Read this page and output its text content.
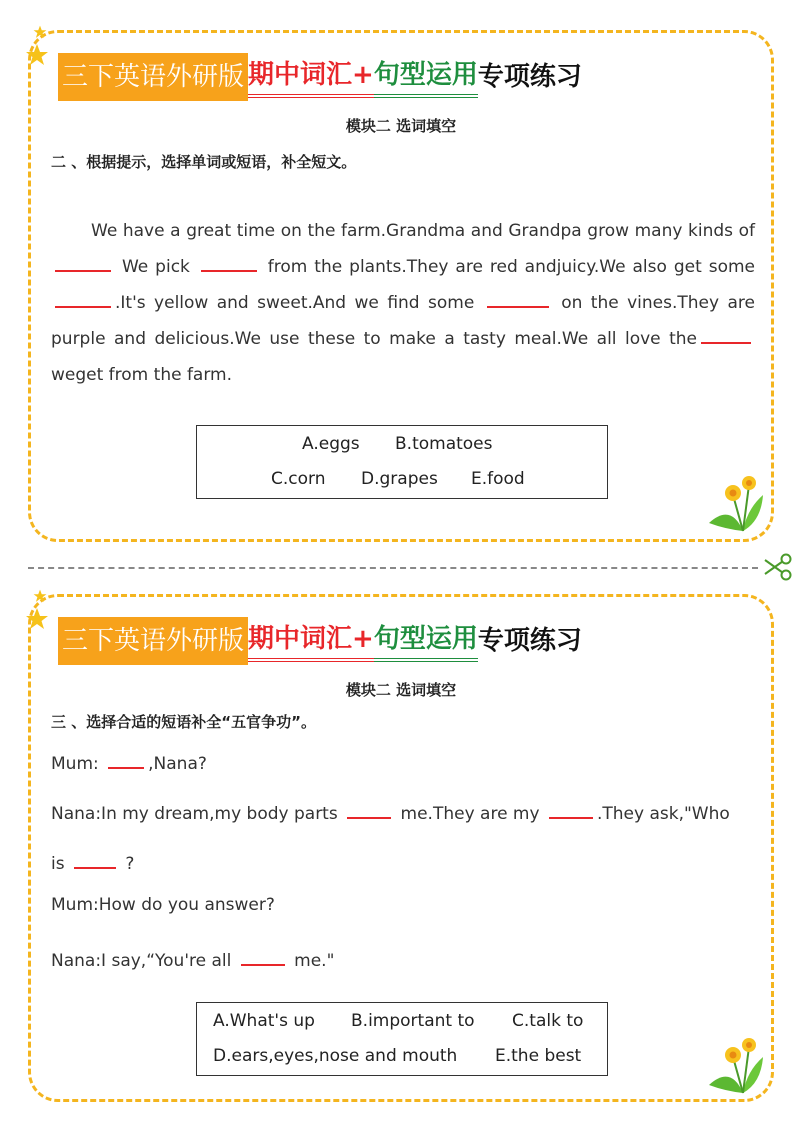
三下英语外研版 期中词汇+ 句型运用 专项练习
模块二 选词填空
二 、根据提示，选择单词或短语，补全短文。
We have a great time on the farm.Grandma and Grandpa grow many kinds of  We pick	from the plants.They are red andjuicy.We also get some .It's yellow and sweet.And we find some	on the vines.They are purple and delicious.We use these to make a tasty meal.We all love the weget from the farm.
A.eggs B.tomatoes
C.corn D.grapes E.food
三下英语外研版 期中词汇+ 句型运用 专项练习
模块二 选词填空
三 、选择合适的短语补全“五官争功”。
Mum:	,Nana?
Nana:In my dream,my body parts	me.They are my	.They ask,"Who
is	?
Mum:How do you answer?
Nana:I say,“You're all	me."
A.What's up B.important to C.talk to
D.ears,eyes,nose and mouth E.the best
